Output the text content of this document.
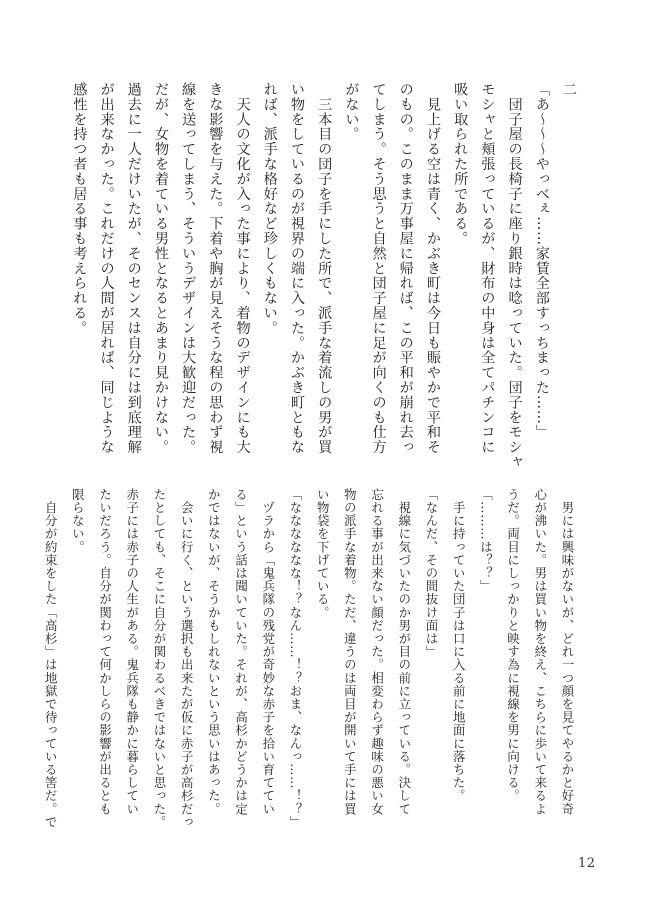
二
「あ〜〜〜やっべぇ……家賃全部すっちまった……」
　団子屋の長椅子に座り銀時は唸っていた。団子をモシャ
モシャと頬張っているが、財布の中身は全てパチンコに
吸い取られた所である。
　見上げる空は青く、かぶき町は今日も賑やかで平和そ
のもの。このまま万事屋に帰れば、この平和が崩れ去っ
てしまう。そう思うと自然と団子屋に足が向くのも仕方
がない。
　三本目の団子を手にした所で、派手な着流しの男が買
い物をしているのが視界の端に入った。かぶき町ともな
れば、派手な格好など珍しくもない。
　天人の文化が入った事により、着物のデザインにも大
きな影響を与えた。下着や胸が見えそうな程の思わず視
線を送ってしまう、そういうデザインは大歓迎だった。
だが、女物を着ている男性となるとあまり見かけない。
過去に一人だけいたが、そのセンスは自分には到底理解
が出来なかった。これだけの人間が居れば、同じような
感性を持つ者も居る事も考えられる。
　男には興味がないが、どれ一つ顔を見てやるかと好奇
心が沸いた。男は買い物を終え、こちらに歩いて来るよ
うだ。両目にしっかりと映す為に視線を男に向ける。
「………は？？」
　手に持っていた団子は口に入る前に地面に落ちた。
「なんだ、その間抜け面は」
　視線に気づいたのか男が目の前に立っている。決して
忘れる事が出来ない顔だった。相変わらず趣味の悪い女
物の派手な着物。ただ、違うのは両目が開いて手には買
い物袋を下げている。
「なななななな！？なん……！？おま、なんっ……！？」
　ヅラから「鬼兵隊の残党が奇妙な赤子を拾い育ててい
る」という話は聞いていた。それが、高杉かどうかは定
かではないが、そうかもしれないという思いはあった。
　会いに行く、という選択も出来たが仮に赤子が高杉だっ
たとしても、そこに自分が関わるべきではないと思った。
赤子には赤子の人生がある。鬼兵隊も静かに暮らしてい
たいだろう。自分が関わって何かしらの影響が出るとも
限らない。
　自分が約束をした「高杉」は地獄で待っている筈だ。で
12
